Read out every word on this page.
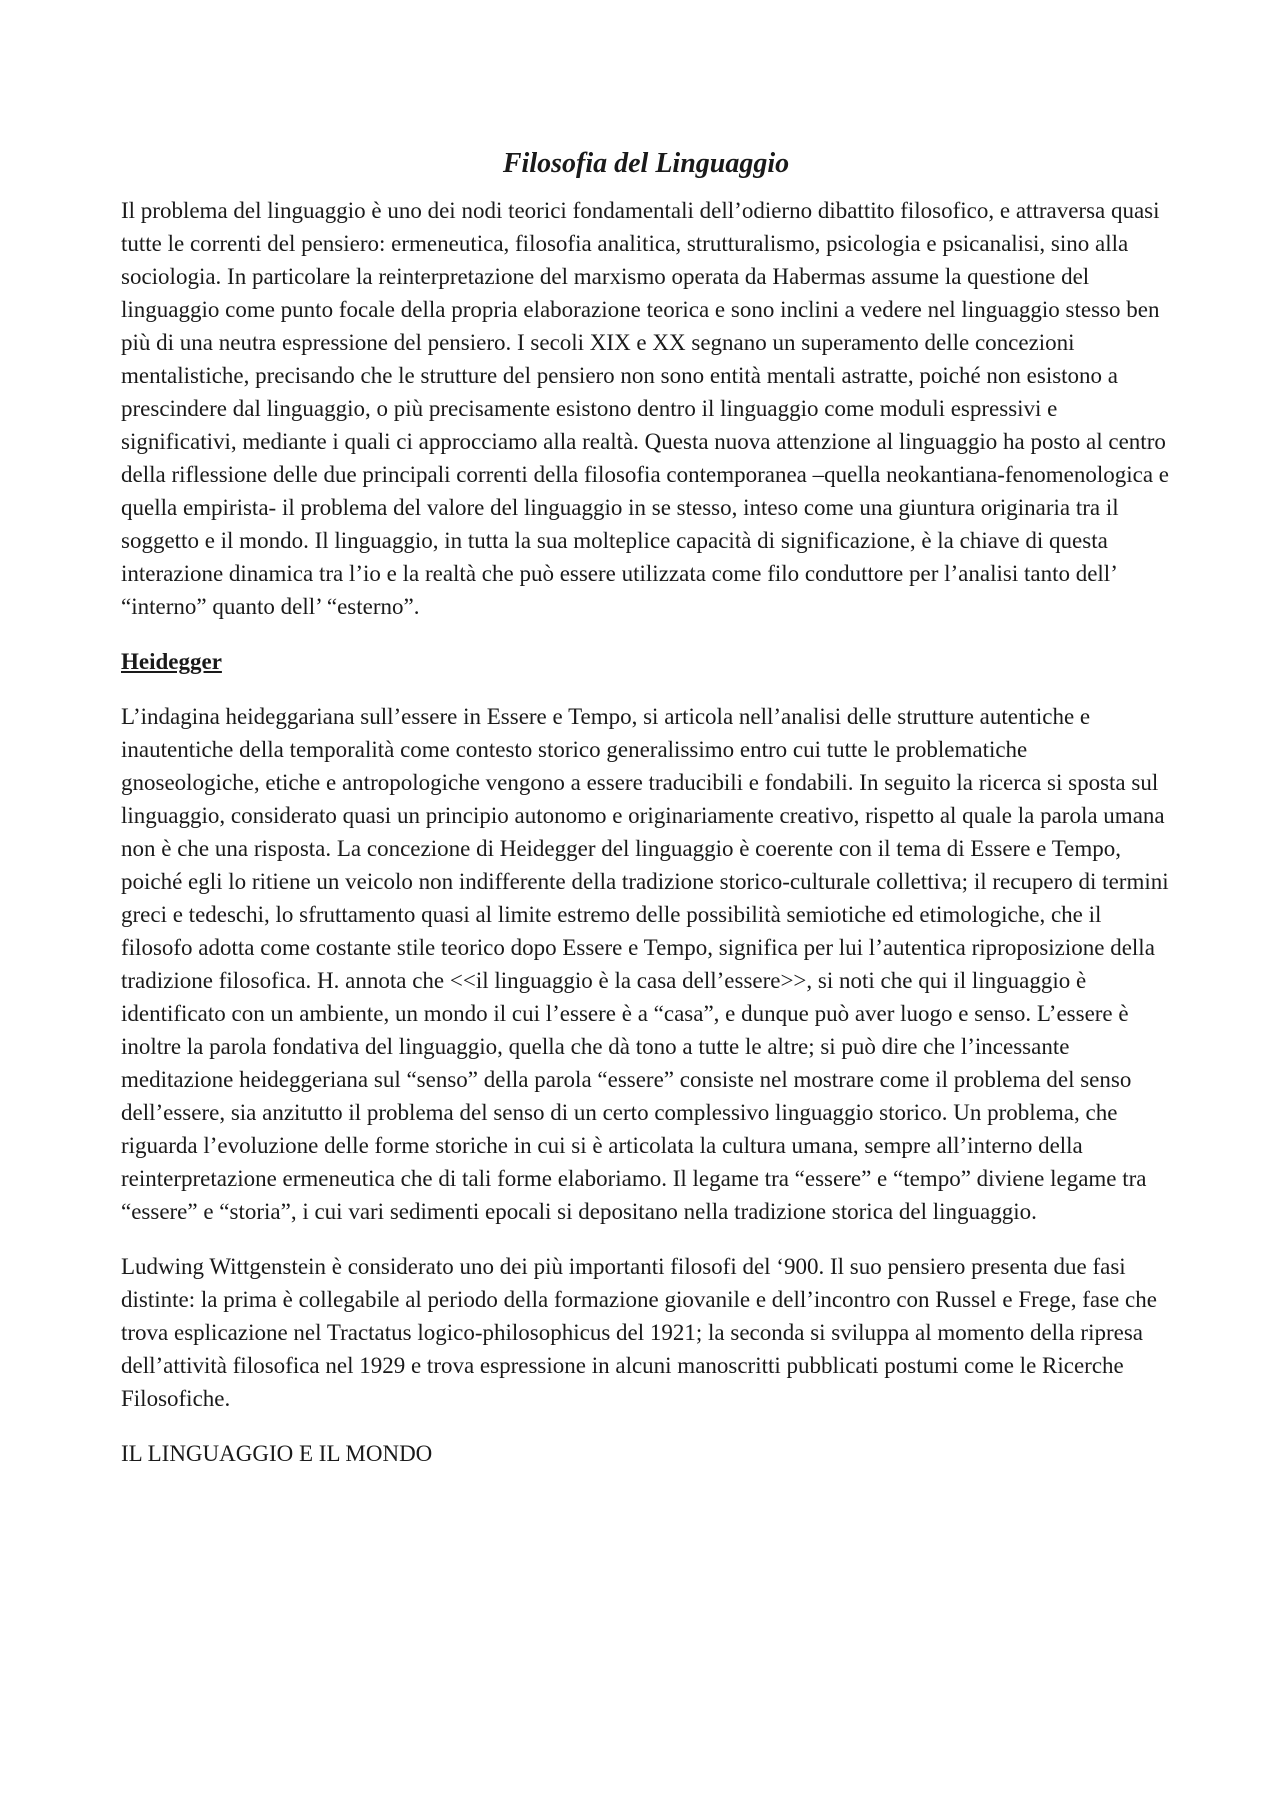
Filosofia del Linguaggio

Il problema del linguaggio è uno dei nodi teorici fondamentali dell’odierno dibattito filosofico, e attraversa quasi tutte le correnti del pensiero: ermeneutica, filosofia analitica, strutturalismo, psicologia e psicanalisi, sino alla sociologia. In particolare la reinterpretazione del marxismo operata da Habermas assume la questione del linguaggio come punto focale della propria elaborazione teorica e sono inclini a vedere nel linguaggio stesso ben più di una neutra espressione del pensiero. I secoli XIX e XX segnano un superamento delle concezioni mentalistiche, precisando che le strutture del pensiero non sono entità mentali astratte, poiché non esistono a prescindere dal linguaggio, o più precisamente esistono dentro il linguaggio come moduli espressivi e significativi, mediante i quali ci approcciamo alla realtà. Questa nuova attenzione al linguaggio ha posto al centro della riflessione delle due principali correnti della filosofia contemporanea –quella neokantiana-fenomenologica e quella empirista- il problema del valore del linguaggio in se stesso, inteso come una giuntura originaria tra il soggetto e il mondo. Il linguaggio, in tutta la sua molteplice capacità di significazione, è la chiave di questa interazione dinamica tra l’io e la realtà che può essere utilizzata come filo conduttore per l’analisi tanto dell’ “interno” quanto dell’ “esterno”.

Heidegger

L’indagina heideggariana sull’essere in Essere e Tempo, si articola nell’analisi delle strutture autentiche e inautentiche della temporalità come contesto storico generalissimo entro cui tutte le problematiche gnoseologiche, etiche e antropologiche vengono a essere traducibili e fondabili. In seguito la ricerca si sposta sul linguaggio, considerato quasi un principio autonomo e originariamente creativo, rispetto al quale la parola umana non è che una risposta. La concezione di Heidegger del linguaggio è coerente con il tema di Essere e Tempo, poiché egli lo ritiene un veicolo non indifferente della tradizione storico-culturale collettiva; il recupero di termini greci e tedeschi, lo sfruttamento quasi al limite estremo delle possibilità semiotiche ed etimologiche, che il filosofo adotta come costante stile teorico dopo Essere e Tempo, significa per lui l’autentica riproposizione della tradizione filosofica. H. annota che <<il linguaggio è la casa dell’essere>>, si noti che qui il linguaggio è identificato con un ambiente, un mondo il cui l’essere è a “casa”, e dunque può aver luogo e senso. L’essere è inoltre la parola fondativa del linguaggio, quella che dà tono a tutte le altre; si può dire che l’incessante meditazione heideggeriana sul “senso” della parola “essere” consiste nel mostrare come il problema del senso dell’essere, sia anzitutto il problema del senso di un certo complessivo linguaggio storico. Un problema, che riguarda l’evoluzione delle forme storiche in cui si è articolata la cultura umana, sempre all’interno della reinterpretazione ermeneutica che di tali forme elaboriamo. Il legame tra “essere” e “tempo” diviene legame tra “essere” e “storia”, i cui vari sedimenti epocali si depositano nella tradizione storica del linguaggio.

Ludwing Wittgenstein è considerato uno dei più importanti filosofi del ‘900. Il suo pensiero presenta due fasi distinte: la prima è collegabile al periodo della formazione giovanile e dell’incontro con Russel e Frege, fase che trova esplicazione nel Tractatus logico-philosophicus del 1921; la seconda si sviluppa al momento della ripresa dell’attività filosofica nel 1929 e trova espressione in alcuni manoscritti pubblicati postumi come le Ricerche Filosofiche.

IL LINGUAGGIO E IL MONDO
